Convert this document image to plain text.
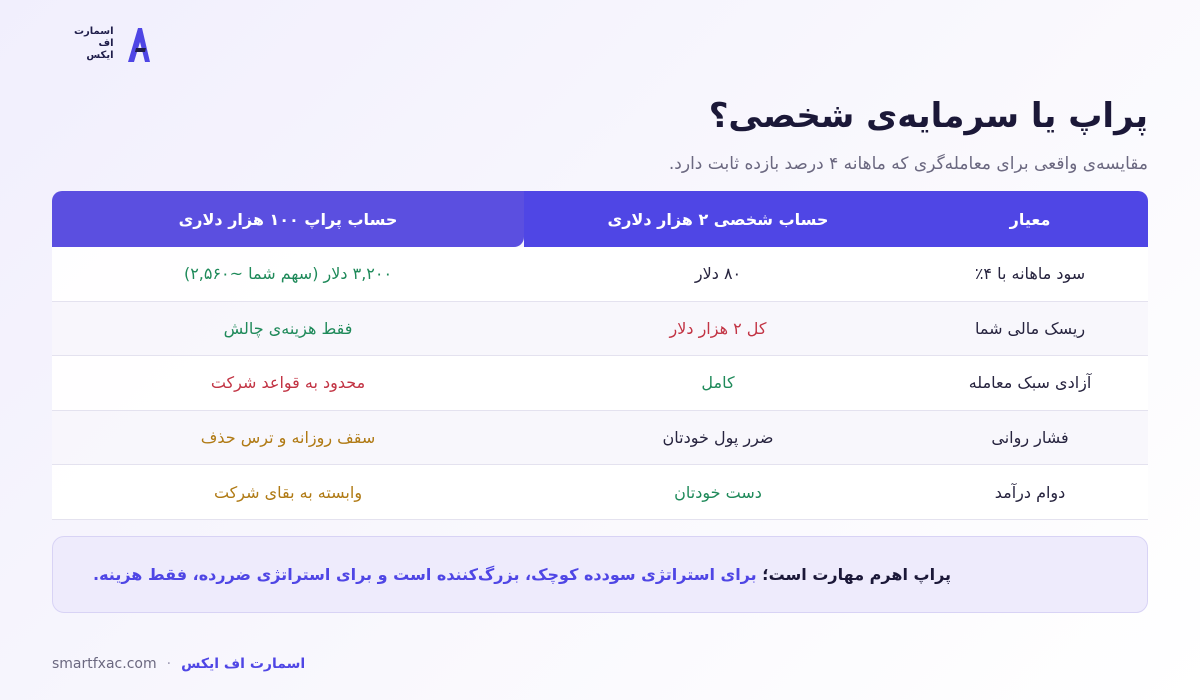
اسمارت
اف
ایکس
پراپ یا سرمایه‌ی شخصی؟
مقایسه‌ی واقعی برای معامله‌گری که ماهانه ۴ درصد بازده ثابت دارد.
معیار
حساب شخصی ۲ هزار دلاری
حساب پراپ ۱۰۰ هزار دلاری
سود ماهانه با ۴٪
۸۰ دلار
۳,۲۰۰ دلار (سهم شما ~۲,۵۶۰)
ریسک مالی شما
کل ۲ هزار دلار
فقط هزینه‌ی چالش
آزادی سبک معامله
کامل
محدود به قواعد شرکت
فشار روانی
ضرر پول خودتان
سقف روزانه و ترس حذف
دوام درآمد
دست خودتان
وابسته به بقای شرکت
پراپ اهرم مهارت است؛

برای استراتژی سودده کوچک، بزرگ‌کننده است و برای استراتژی ضررده، فقط هزینه.
smartfxac.com · اسمارت اف ایکس
